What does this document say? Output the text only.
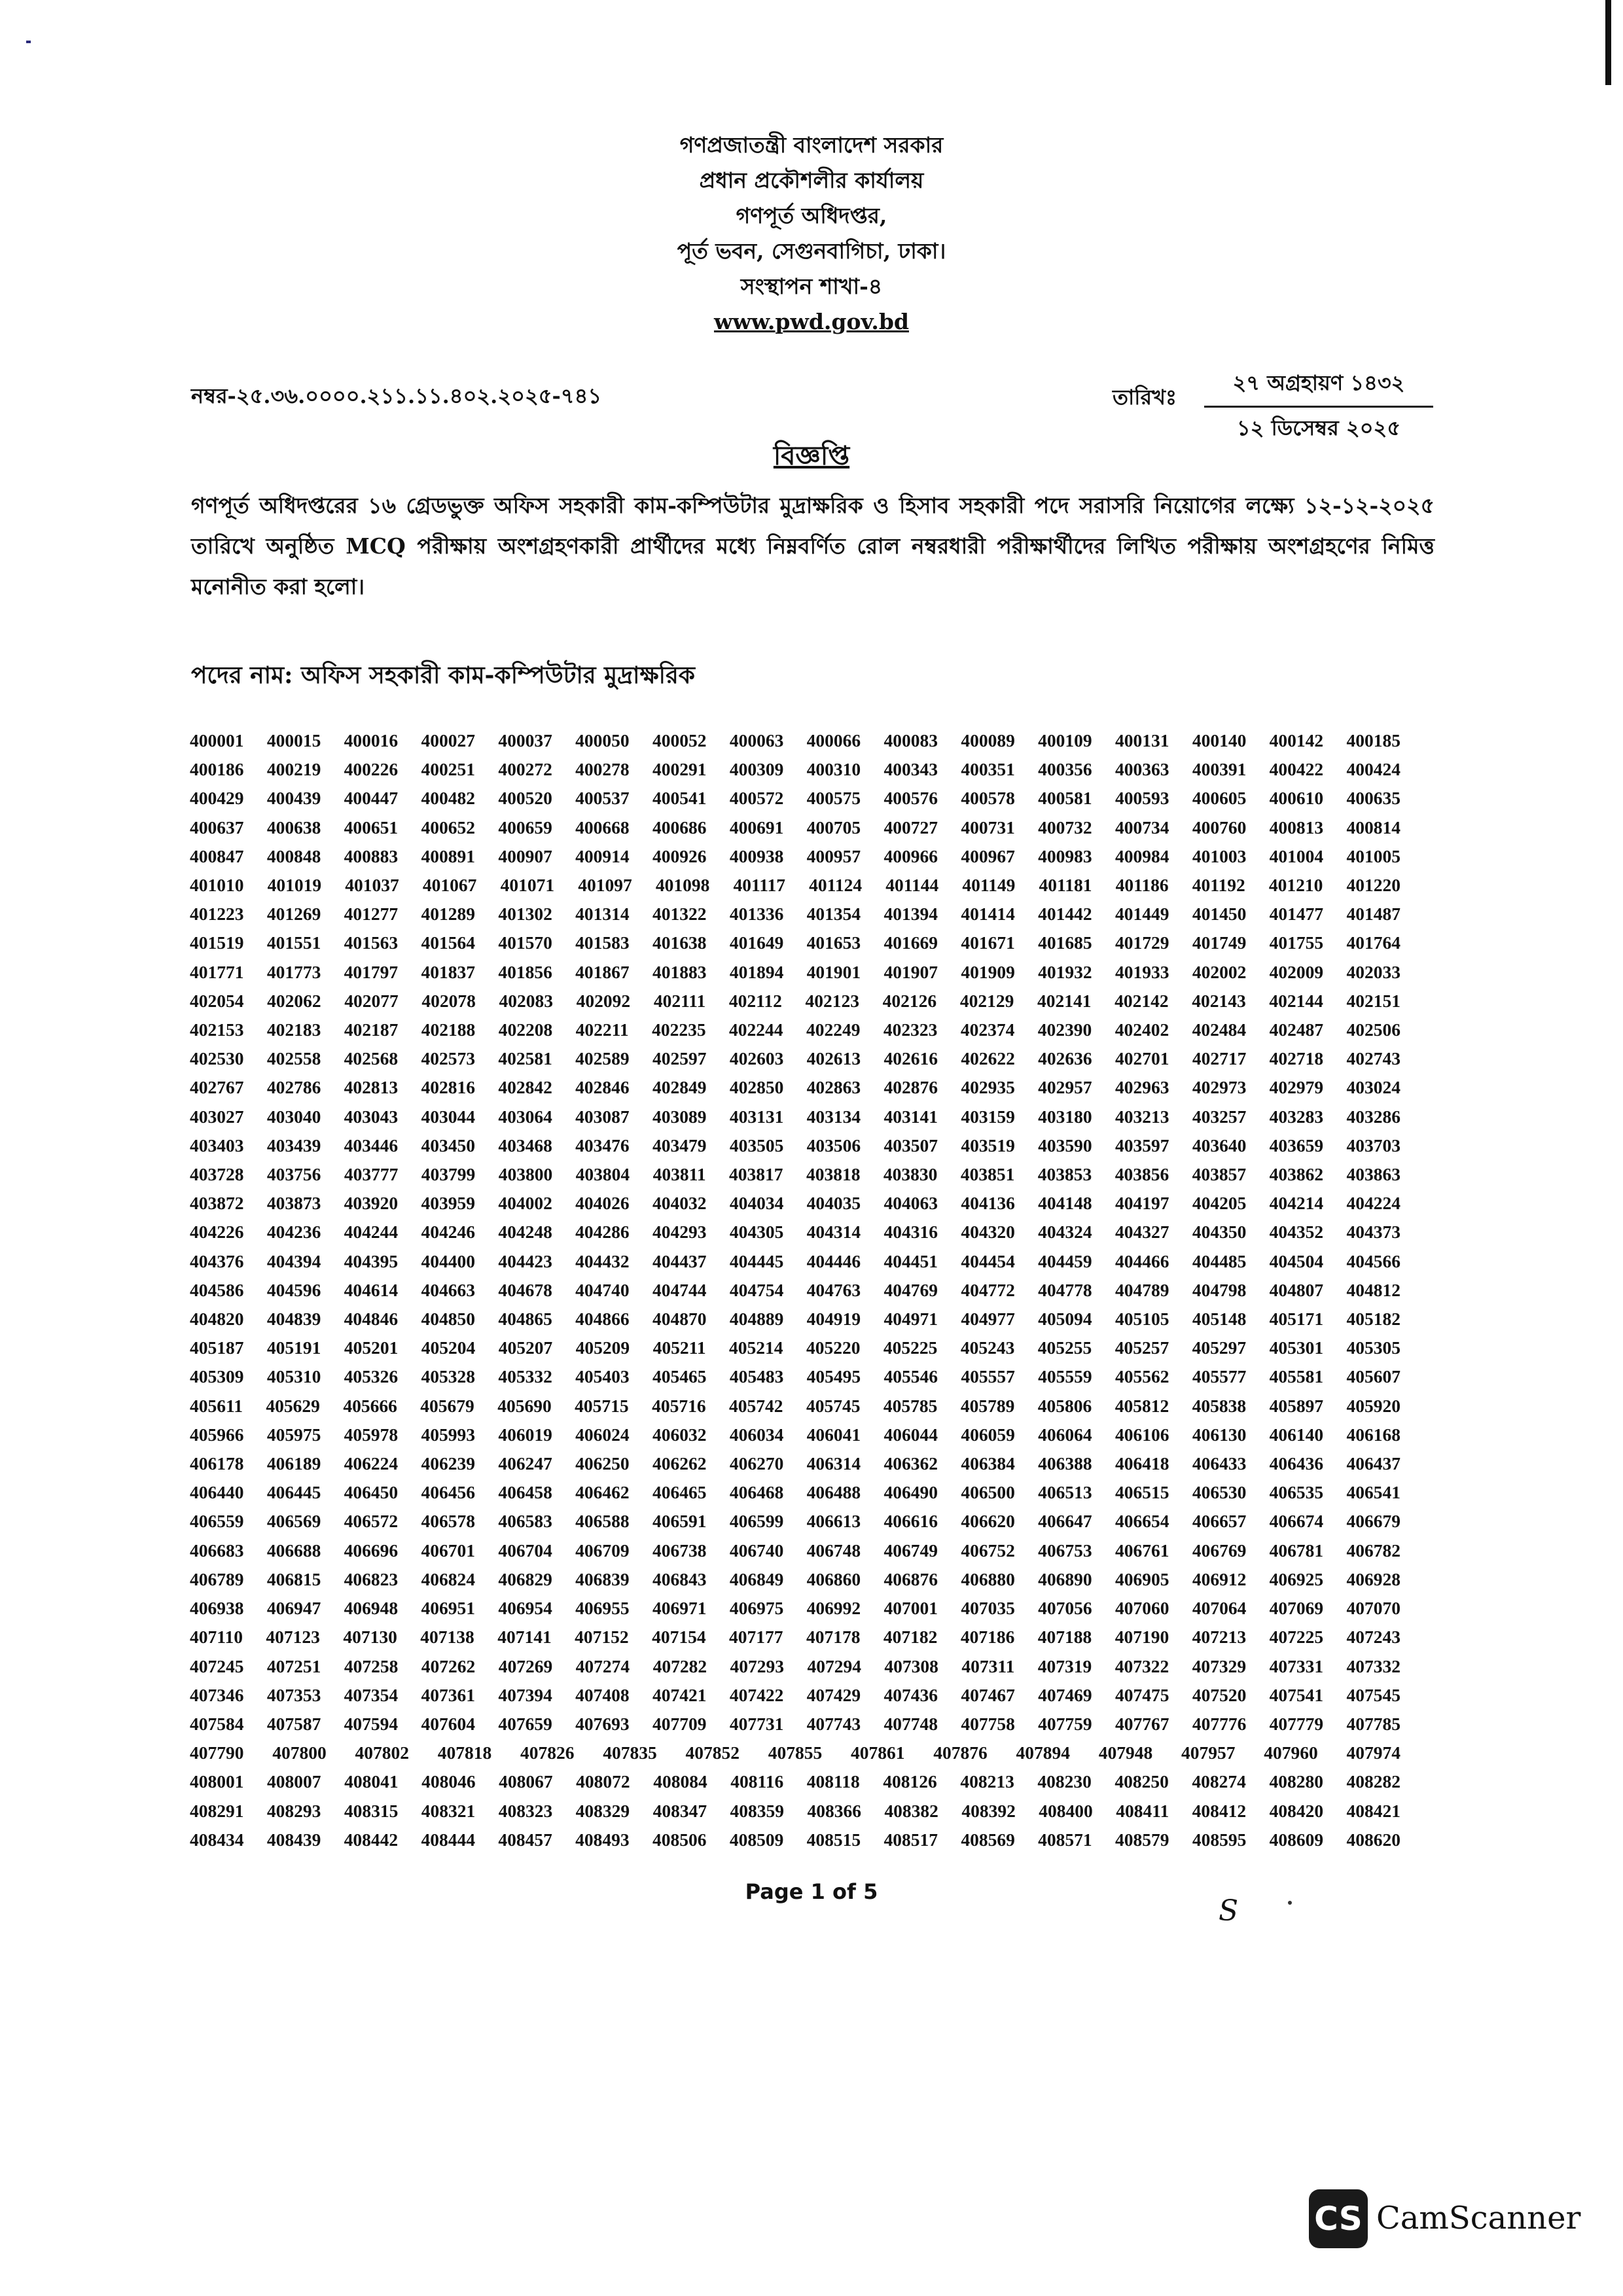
গণপ্রজাতন্ত্রী বাংলাদেশ সরকার
প্রধান প্রকৌশলীর কার্যালয়
গণপূর্ত অধিদপ্তর,
পূর্ত ভবন, সেগুনবাগিচা, ঢাকা।
সংস্থাপন শাখা-৪
www.pwd.gov.bd
নম্বর-২৫.৩৬.০০০০.২১১.১১.৪০২.২০২৫-৭৪১	তারিখঃ
২৭ অগ্রহায়ণ ১৪৩২
১২ ডিসেম্বর ২০২৫
বিজ্ঞপ্তি
গণপূর্ত অধিদপ্তরের ১৬ গ্রেডভুক্ত অফিস সহকারী কাম-কম্পিউটার মুদ্রাক্ষরিক ও হিসাব সহকারী পদে সরাসরি নিয়োগের লক্ষ্যে ১২-১২-২০২৫ তারিখে অনুষ্ঠিত MCQ পরীক্ষায় অংশগ্রহণকারী প্রার্থীদের মধ্যে নিম্নবর্ণিত রোল নম্বরধারী পরীক্ষার্থীদের লিখিত পরীক্ষায় অংশগ্রহণের নিমিত্ত মনোনীত করা হলো।
পদের নাম: অফিস সহকারী কাম-কম্পিউটার মুদ্রাক্ষরিক
400001 400015 400016 400027 400037 400050 400052 400063 400066 400083 400089 400109 400131 400140 400142 400185
400186 400219 400226 400251 400272 400278 400291 400309 400310 400343 400351 400356 400363 400391 400422 400424
400429 400439 400447 400482 400520 400537 400541 400572 400575 400576 400578 400581 400593 400605 400610 400635
400637 400638 400651 400652 400659 400668 400686 400691 400705 400727 400731 400732 400734 400760 400813 400814
400847 400848 400883 400891 400907 400914 400926 400938 400957 400966 400967 400983 400984 401003 401004 401005
401010 401019 401037 401067 401071 401097 401098 401117 401124 401144 401149 401181 401186 401192 401210 401220
401223 401269 401277 401289 401302 401314 401322 401336 401354 401394 401414 401442 401449 401450 401477 401487
401519 401551 401563 401564 401570 401583 401638 401649 401653 401669 401671 401685 401729 401749 401755 401764
401771 401773 401797 401837 401856 401867 401883 401894 401901 401907 401909 401932 401933 402002 402009 402033
402054 402062 402077 402078 402083 402092 402111 402112 402123 402126 402129 402141 402142 402143 402144 402151
402153 402183 402187 402188 402208 402211 402235 402244 402249 402323 402374 402390 402402 402484 402487 402506
402530 402558 402568 402573 402581 402589 402597 402603 402613 402616 402622 402636 402701 402717 402718 402743
402767 402786 402813 402816 402842 402846 402849 402850 402863 402876 402935 402957 402963 402973 402979 403024
403027 403040 403043 403044 403064 403087 403089 403131 403134 403141 403159 403180 403213 403257 403283 403286
403403 403439 403446 403450 403468 403476 403479 403505 403506 403507 403519 403590 403597 403640 403659 403703
403728 403756 403777 403799 403800 403804 403811 403817 403818 403830 403851 403853 403856 403857 403862 403863
403872 403873 403920 403959 404002 404026 404032 404034 404035 404063 404136 404148 404197 404205 404214 404224
404226 404236 404244 404246 404248 404286 404293 404305 404314 404316 404320 404324 404327 404350 404352 404373
404376 404394 404395 404400 404423 404432 404437 404445 404446 404451 404454 404459 404466 404485 404504 404566
404586 404596 404614 404663 404678 404740 404744 404754 404763 404769 404772 404778 404789 404798 404807 404812
404820 404839 404846 404850 404865 404866 404870 404889 404919 404971 404977 405094 405105 405148 405171 405182
405187 405191 405201 405204 405207 405209 405211 405214 405220 405225 405243 405255 405257 405297 405301 405305
405309 405310 405326 405328 405332 405403 405465 405483 405495 405546 405557 405559 405562 405577 405581 405607
405611 405629 405666 405679 405690 405715 405716 405742 405745 405785 405789 405806 405812 405838 405897 405920
405966 405975 405978 405993 406019 406024 406032 406034 406041 406044 406059 406064 406106 406130 406140 406168
406178 406189 406224 406239 406247 406250 406262 406270 406314 406362 406384 406388 406418 406433 406436 406437
406440 406445 406450 406456 406458 406462 406465 406468 406488 406490 406500 406513 406515 406530 406535 406541
406559 406569 406572 406578 406583 406588 406591 406599 406613 406616 406620 406647 406654 406657 406674 406679
406683 406688 406696 406701 406704 406709 406738 406740 406748 406749 406752 406753 406761 406769 406781 406782
406789 406815 406823 406824 406829 406839 406843 406849 406860 406876 406880 406890 406905 406912 406925 406928
406938 406947 406948 406951 406954 406955 406971 406975 406992 407001 407035 407056 407060 407064 407069 407070
407110 407123 407130 407138 407141 407152 407154 407177 407178 407182 407186 407188 407190 407213 407225 407243
407245 407251 407258 407262 407269 407274 407282 407293 407294 407308 407311 407319 407322 407329 407331 407332
407346 407353 407354 407361 407394 407408 407421 407422 407429 407436 407467 407469 407475 407520 407541 407545
407584 407587 407594 407604 407659 407693 407709 407731 407743 407748 407758 407759 407767 407776 407779 407785
407790 407800 407802 407818 407826 407835 407852 407855 407861 407876 407894 407948 407957 407960 407974
408001 408007 408041 408046 408067 408072 408084 408116 408118 408126 408213 408230 408250 408274 408280 408282
408291 408293 408315 408321 408323 408329 408347 408359 408366 408382 408392 408400 408411 408412 408420 408421
408434 408439 408442 408444 408457 408493 408506 408509 408515 408517 408569 408571 408579 408595 408609 408620
Page 1 of 5
S
CS CamScanner
